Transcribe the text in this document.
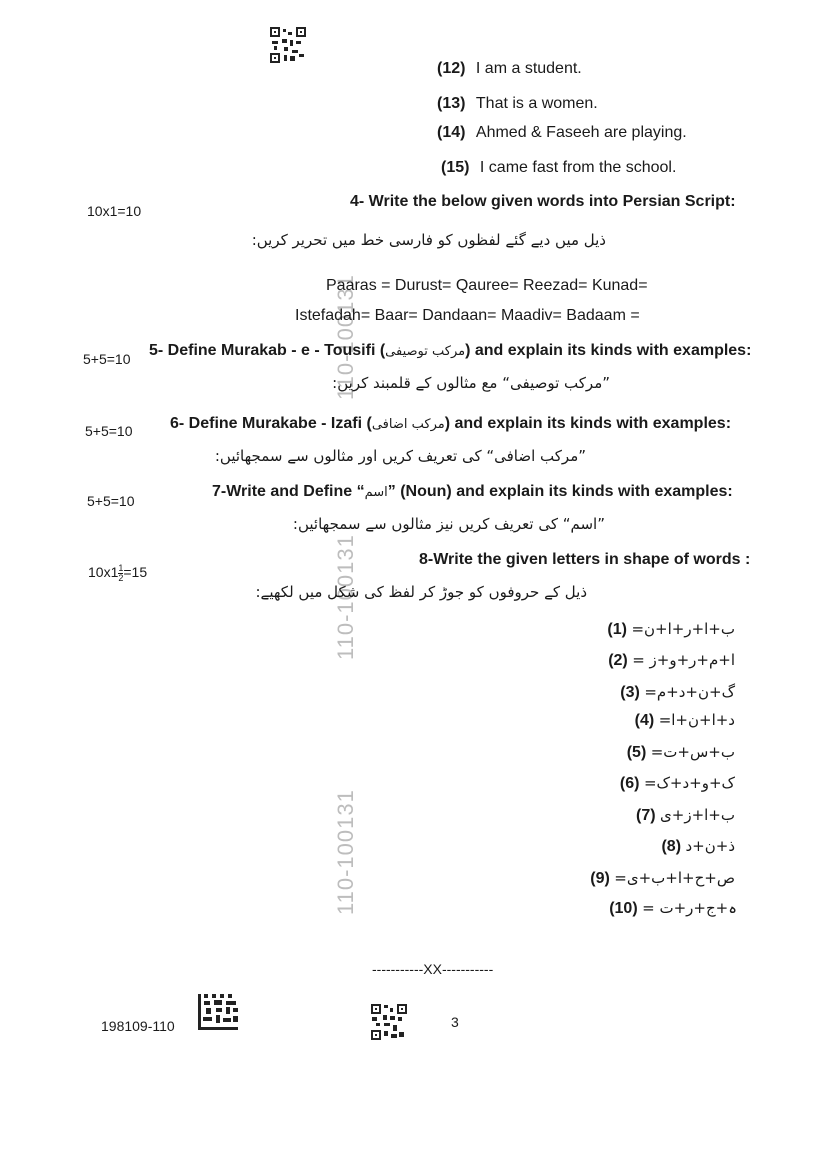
110-100131
110-100131
110-100131
(12) I am a student.
(13) That is a women.
(14) Ahmed & Faseeh are playing.
(15) I came fast from the school.
10x1=10
4- Write the below given words into Persian Script:
ذیل میں دیے گئے لفظوں کو فارسی خط میں تحریر کریں:
Paaras = Durust= Qauree= Reezad= Kunad=
Istefadah= Baar= Dandaan= Maadiv= Badaam =
5+5=10 5- Define Murakab - e - Tousifi (مرکب توصیفی) and explain its kinds with examples:
”مرکب توصیفی“ مع مثالوں کے قلمبند کریں:
5+5=10 6- Define Murakabe - Izafi (مرکب اضافی) and explain its kinds with examples:
”مرکب اضافی“ کی تعریف کریں اور مثالوں سے سمجھائیں:
5+5=10
7-Write and Define “اسم” (Noun) and explain its kinds with examples:
”اسم“ کی تعریف کریں نیز مثالوں سے سمجھائیں:
$10x1 \frac{1}{2} =15$
8-Write the given letters in shape of words :
ذیل کے حروفوں کو جوڑ کر لفظ کی شکل میں لکھیے:
ب+ا+ر+ا+ن= (1)
ا+م+ر+و+ز = (2)
گ+ن+د+م= (3)
د+ا+ن+ا= (4)
ب+س+ت= (5)
ک+و+د+ک= (6)
ب+ا+ز+ی (7)
ذ+ن+د (8)
ص+ح+ا+ب+ی= (9)
ہ+ج+ر+ت = (10)
-----------XX-----------
198109-110	3
